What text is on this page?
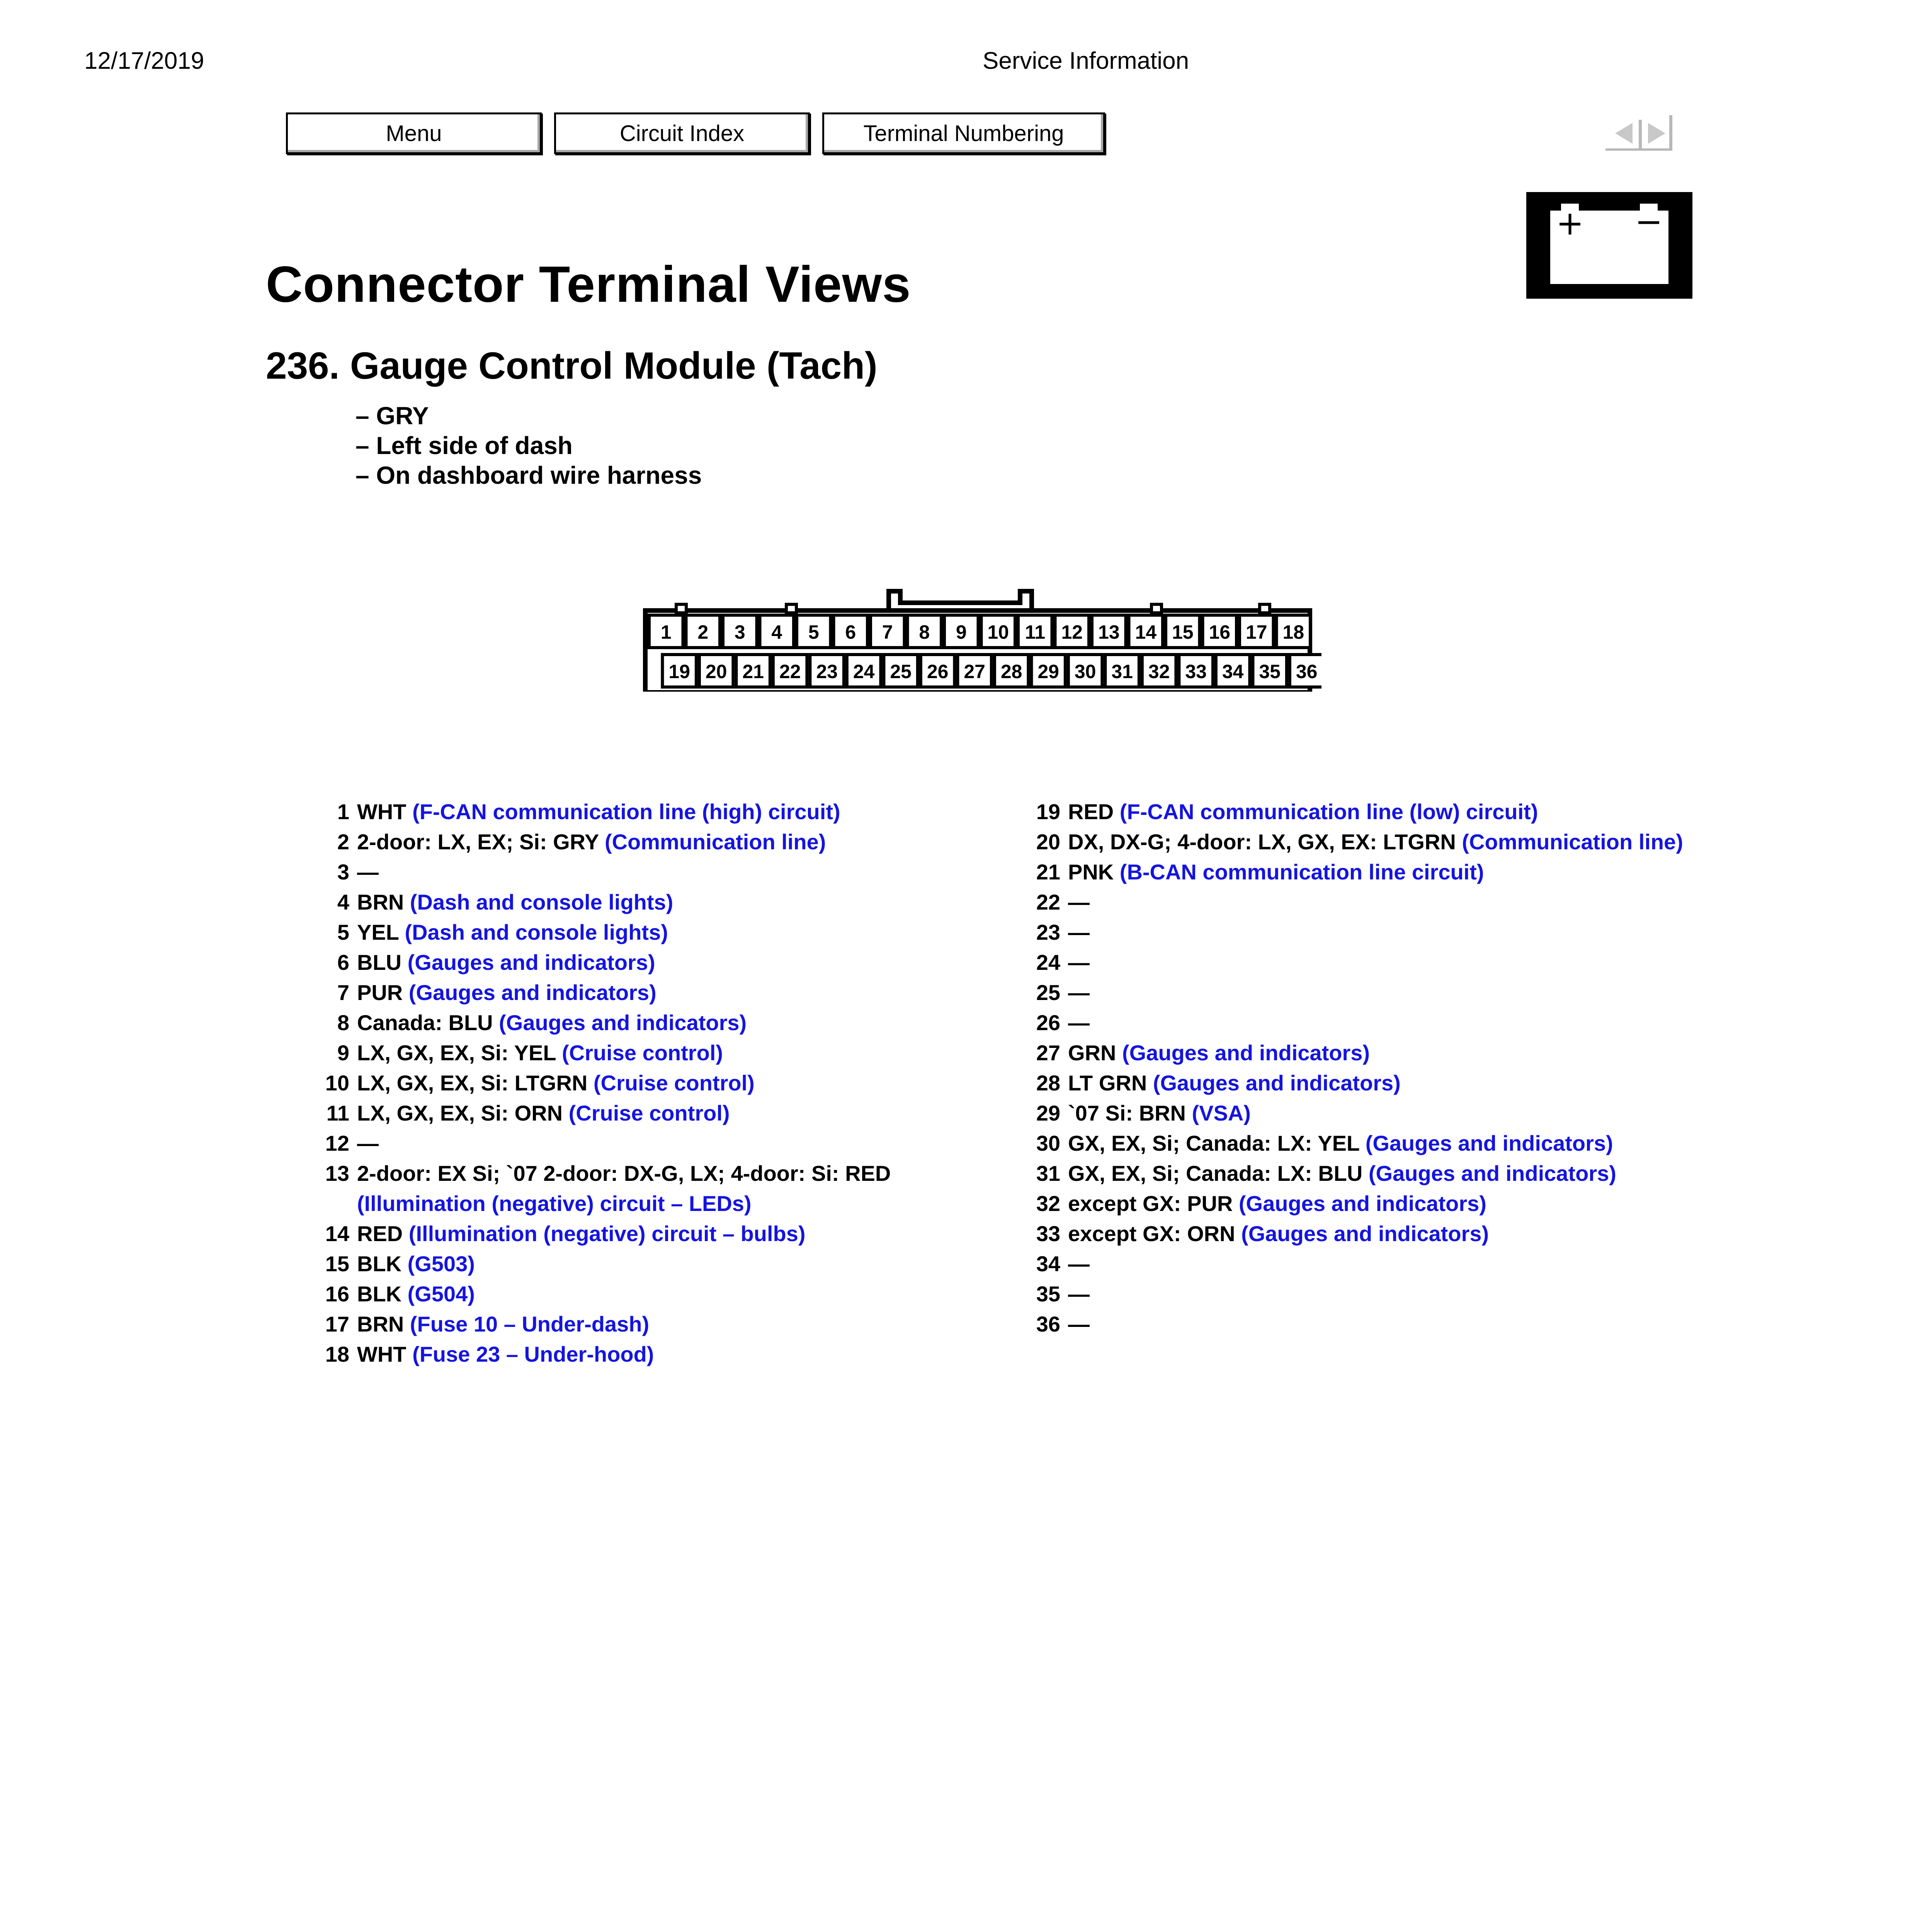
12/17/2019	Service Information
Menu	Circuit Index	Terminal Numbering
+ −
Connector Terminal Views
236. Gauge Control Module (Tach)
– GRY
– Left side of dash
– On dashboard wire harness
1 2 3 4 5 6 7 8 9 10 11 12 13 14 15 16 17 18
19 20 21 22 23 24 25 26 27 28 29 30 31 32 33 34 35 36
1 WHT (F-CAN communication line (high) circuit)
2 2-door: LX, EX; Si: GRY (Communication line)
3 —
4 BRN (Dash and console lights)
5 YEL (Dash and console lights)
6 BLU (Gauges and indicators)
7 PUR (Gauges and indicators)
8 Canada: BLU (Gauges and indicators)
9 LX, GX, EX, Si: YEL (Cruise control)
10 LX, GX, EX, Si: LTGRN (Cruise control)
11 LX, GX, EX, Si: ORN (Cruise control)
12 —
13 2-door: EX Si; `07 2-door: DX-G, LX; 4-door: Si: RED (Illumination (negative) circuit – LEDs)
14 RED (Illumination (negative) circuit – bulbs)
15 BLK (G503)
16 BLK (G504)
17 BRN (Fuse 10 – Under-dash)
18 WHT (Fuse 23 – Under-hood)
19 RED (F-CAN communication line (low) circuit)
20 DX, DX-G; 4-door: LX, GX, EX: LTGRN (Communication line)
21 PNK (B-CAN communication line circuit)
22 —
23 —
24 —
25 —
26 —
27 GRN (Gauges and indicators)
28 LT GRN (Gauges and indicators)
29 `07 Si: BRN (VSA)
30 GX, EX, Si; Canada: LX: YEL (Gauges and indicators)
31 GX, EX, Si; Canada: LX: BLU (Gauges and indicators)
32 except GX: PUR (Gauges and indicators)
33 except GX: ORN (Gauges and indicators)
34 —
35 —
36 —
